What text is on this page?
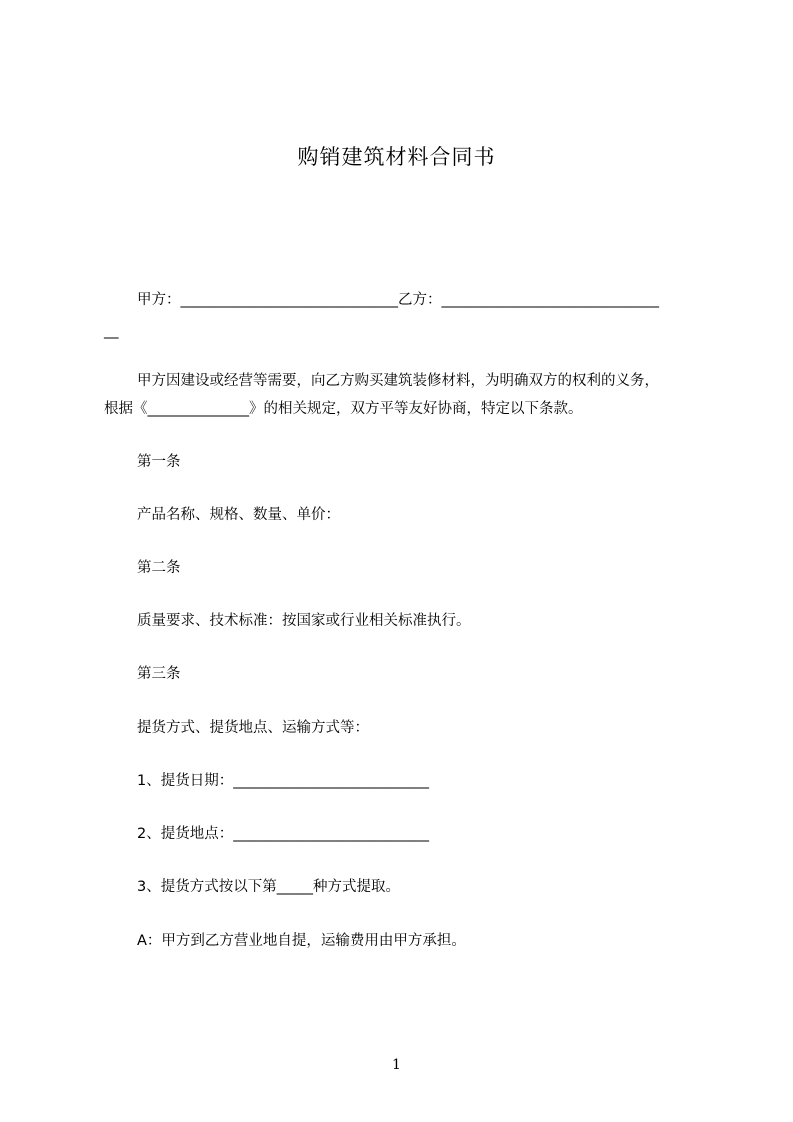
购销建筑材料合同书
甲方：______________________________乙方：______________________________
__
甲方因建设或经营等需要，向乙方购买建筑装修材料，为明确双方的权利的义务，
根据《______________》的相关规定，双方平等友好协商，特定以下条款。
第一条
产品名称、规格、数量、单价：
第二条
质量要求、技术标准：按国家或行业相关标准执行。
第三条
提货方式、提货地点、运输方式等：
1、提货日期：___________________________
2、提货地点：___________________________
3、提货方式按以下第_____种方式提取。
A：甲方到乙方营业地自提，运输费用由甲方承担。
1
